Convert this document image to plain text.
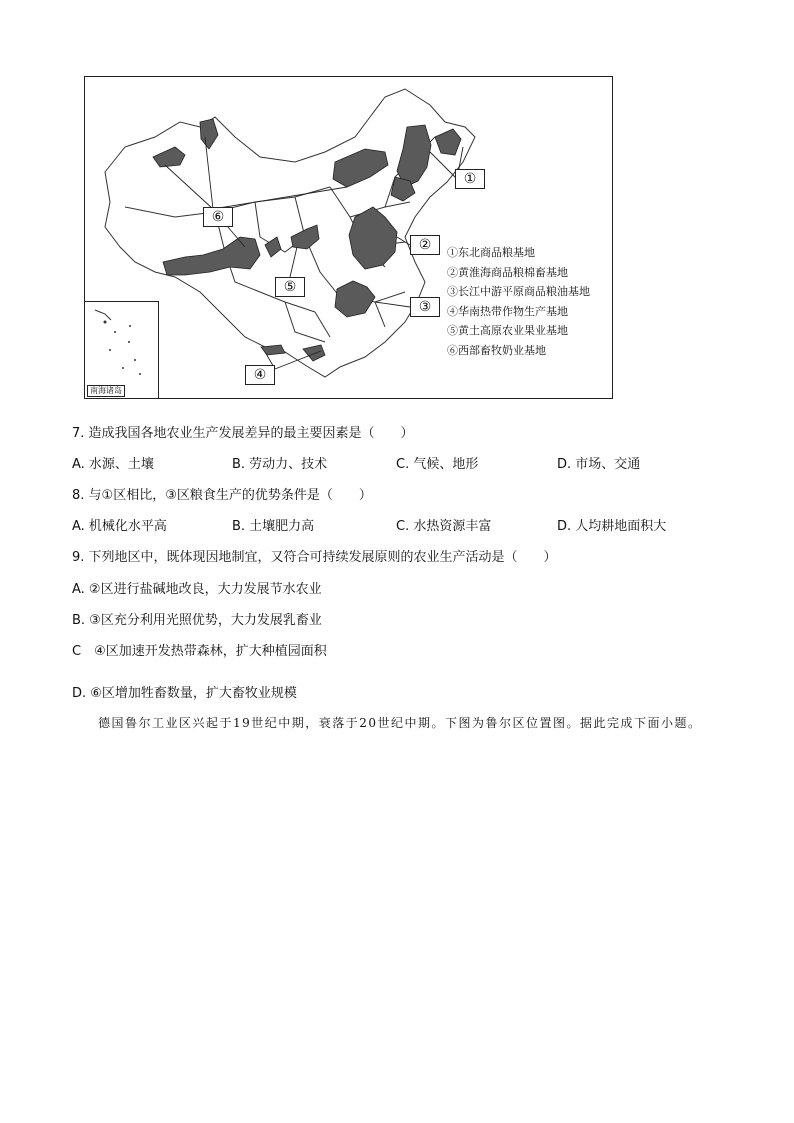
南海诸岛
①
②
③
④
⑤
⑥
①东北商品粮基地
②黄淮海商品粮棉畜基地
③长江中游平原商品粮油基地
④华南热带作物生产基地
⑤黄土高原农业果业基地
⑥西部畜牧奶业基地
7. 造成我国各地农业生产发展差异的最主要因素是（　　）
A. 水源、土壤	B. 劳动力、技术	C. 气候、地形	D. 市场、交通
8. 与①区相比，③区粮食生产的优势条件是（　　）
A. 机械化水平高	B. 土壤肥力高	C. 水热资源丰富	D. 人均耕地面积大
9. 下列地区中，既体现因地制宜，又符合可持续发展原则的农业生产活动是（　　）
A. ②区进行盐碱地改良，大力发展节水农业
B. ③区充分利用光照优势，大力发展乳畜业
C　④区加速开发热带森林，扩大种植园面积
D. ⑥区增加牲畜数量，扩大畜牧业规模
德国鲁尔工业区兴起于19世纪中期，衰落于20世纪中期。下图为鲁尔区位置图。据此完成下面小题。
